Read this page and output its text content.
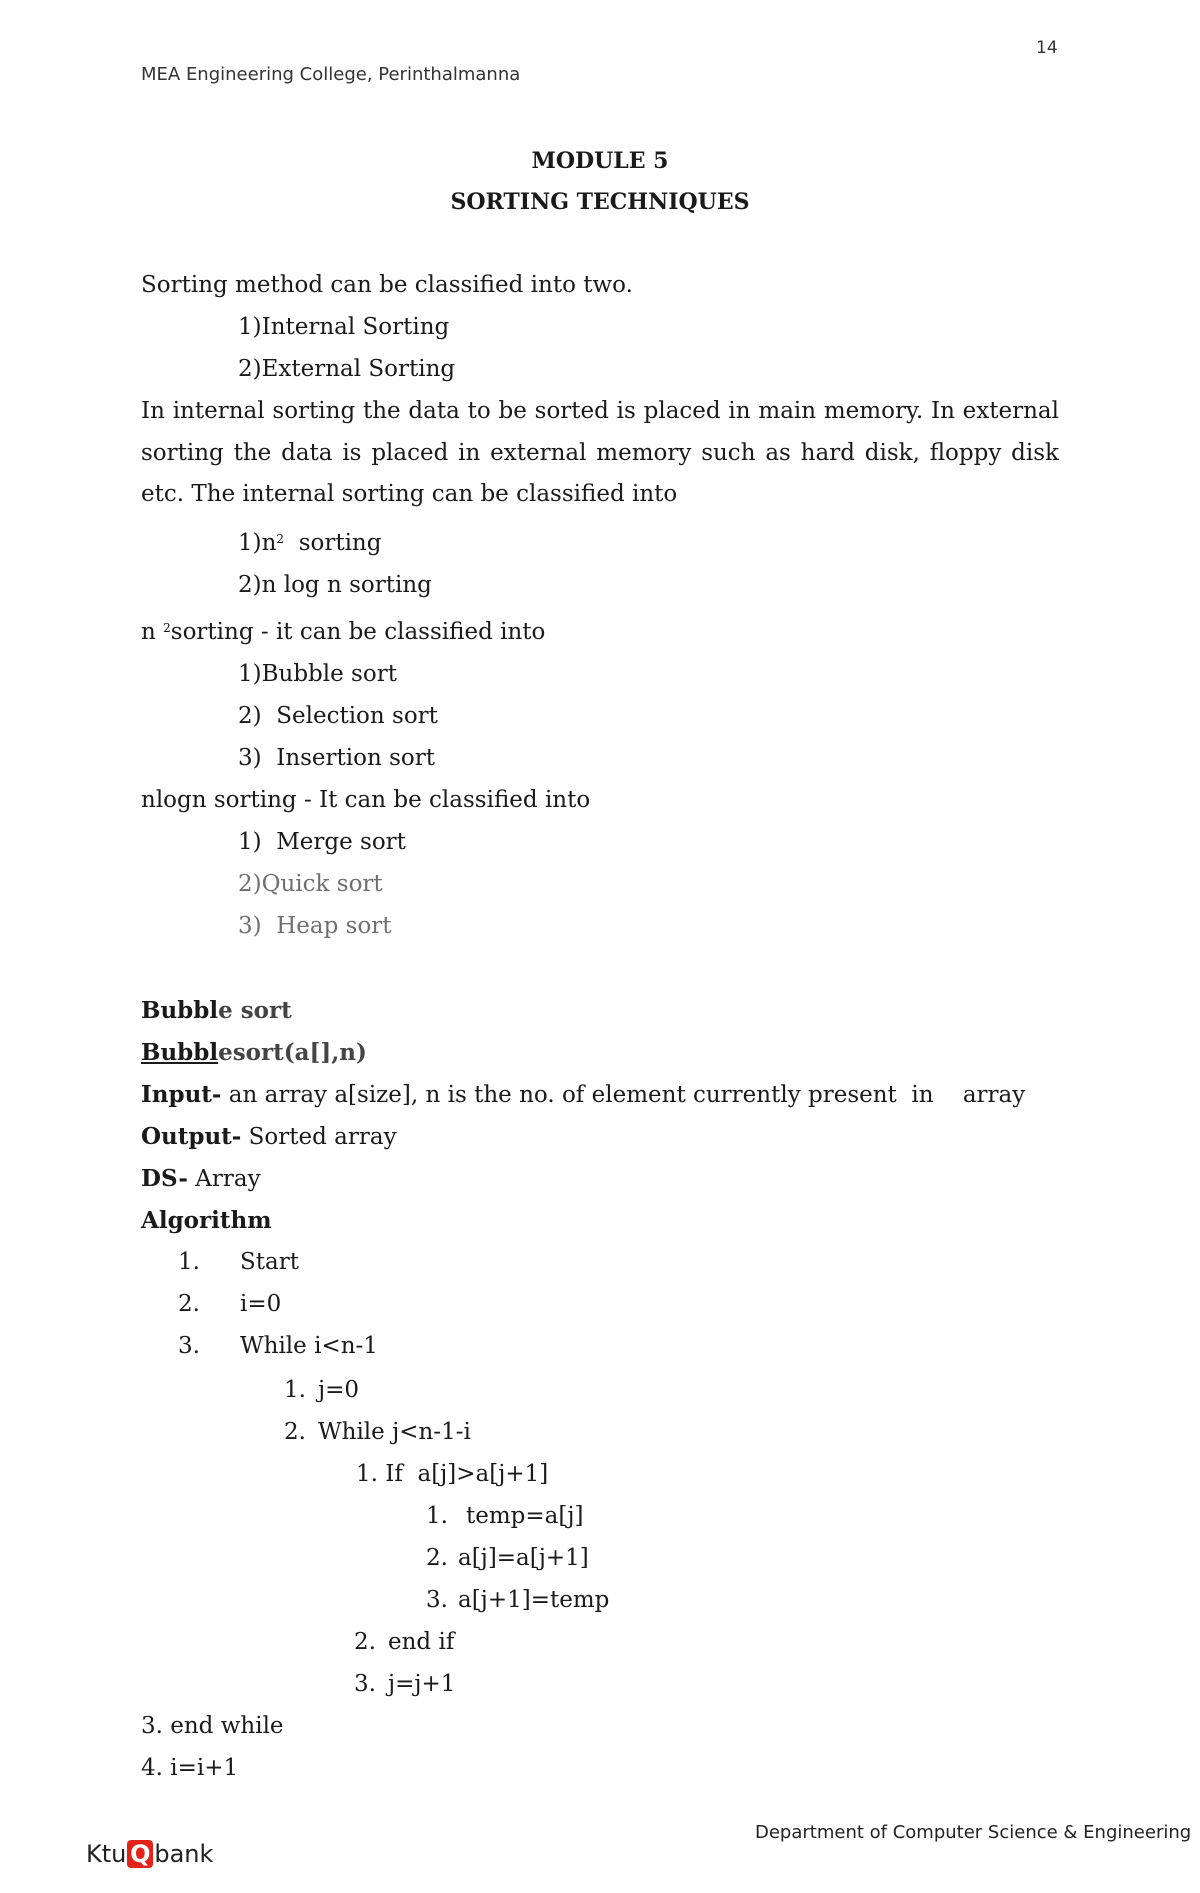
14
MEA Engineering College, Perinthalmanna
MODULE 5
SORTING TECHNIQUES
Sorting method can be classified into two.
1)Internal Sorting
2)External Sorting
In internal sorting the data to be sorted is placed in main memory. In external sorting the data is placed in external memory such as hard disk, floppy disk etc. The internal sorting can be classified into
$1)n^2$ sorting
2)n log n sorting
n $^2$sorting - it can be classified into
1)Bubble sort
2)  Selection sort
3)  Insertion sort
nlogn sorting - It can be classified into
1)  Merge sort
2)Quick sort
3)  Heap sort
Bubble sort
Bubblesort(a[],n)
Input- an array a[size], n is the no. of element currently present  in    array
Output- Sorted array
DS- Array
Algorithm
1. Start
2. i=0
3. While i<n-1
1. j=0
2. While j<n-1-i
1. If  a[j]>a[j+1]
1. temp=a[j]
2. a[j]=a[j+1]
3. a[j+1]=temp
2. end if
3. j=j+1
3. end while
4. i=i+1
Department of Computer Science & Engineering
Ktu Q bank
